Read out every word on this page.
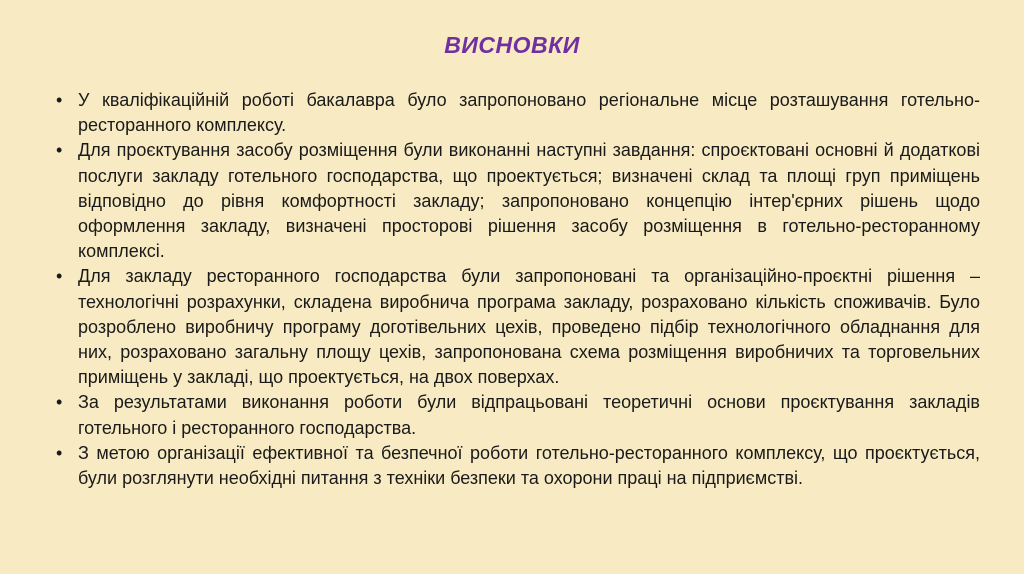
ВИСНОВКИ
• У кваліфікаційній роботі бакалавра було запропоновано регіональне місце розташування готельно-ресторанного комплексу.
• Для проєктування засобу розміщення були виконанні наступні завдання: спроєктовані основні й додаткові послуги закладу готельного господарства, що проектується; визначені склад та площі груп приміщень відповідно до рівня комфортності закладу; запропоновано концепцію інтер'єрних рішень щодо оформлення закладу, визначені просторові рішення засобу розміщення в готельно-ресторанному комплексі.
• Для закладу ресторанного господарства були запропоновані та організаційно-проєктні рішення – технологічні розрахунки, складена виробнича програма закладу, розраховано кількість споживачів. Було розроблено виробничу програму доготівельних цехів, проведено підбір технологічного обладнання для них, розраховано загальну площу цехів, запропонована схема розміщення виробничих та торговельних приміщень у закладі, що проектується, на двох поверхах.
• За результатами виконання роботи були відпрацьовані теоретичні основи проєктування закладів готельного і ресторанного господарства.
• З метою організації ефективної та безпечної роботи готельно-ресторанного комплексу, що проєктується, були розглянути необхідні питання з техніки безпеки та охорони праці на підприємстві.
